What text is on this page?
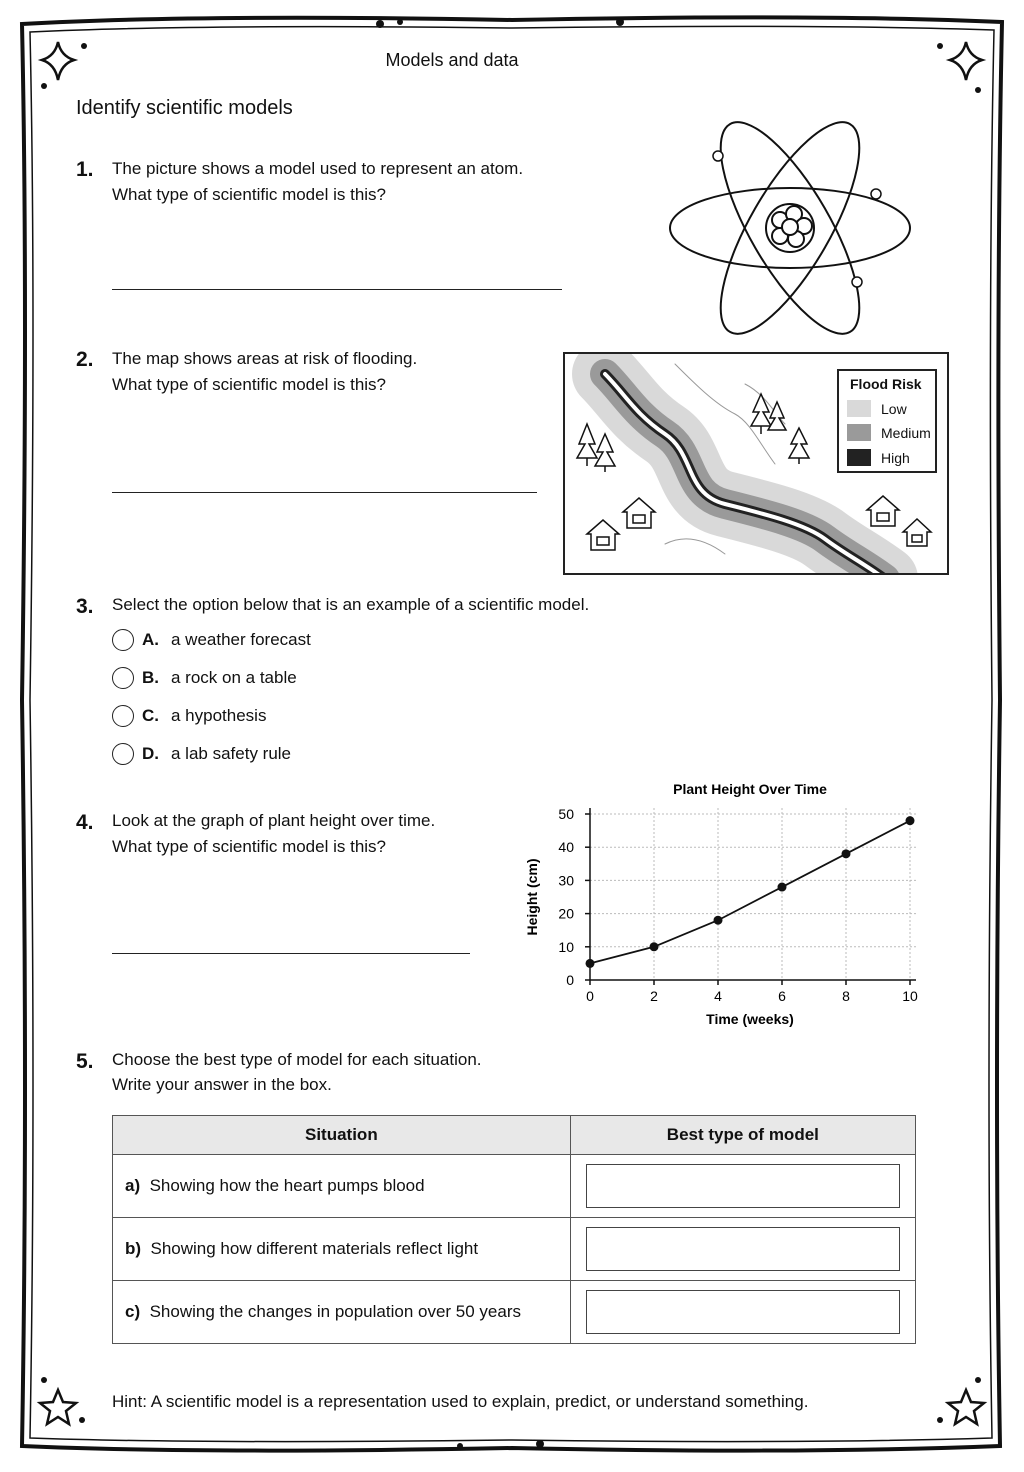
Models and data
Identify scientific models
1. The picture shows a model used to represent an atom.
What type of scientific model is this?
2. The map shows areas at risk of flooding.
What type of scientific model is this?	Flood Risk
Low
Medium
High
3. Select the option below that is an example of a scientific model.
A. a weather forecast
B. a rock on a table
C. a hypothesis
D. a lab safety rule
4. Look at the graph of plant height over time.
What type of scientific model is this?
Plant Height Over Time
Time (weeks)
Height (cm)
0
10
20
30
40
50
0	2	4	6	8	10
5. Choose the best type of model for each situation.
Write your answer in the box.
Situation	Best type of model
a) Showing how the heart pumps blood	

b) Showing how different materials reflect light	

c) Showing the changes in population over 50 years	
Hint: A scientific model is a representation used to explain, predict, or understand something.
